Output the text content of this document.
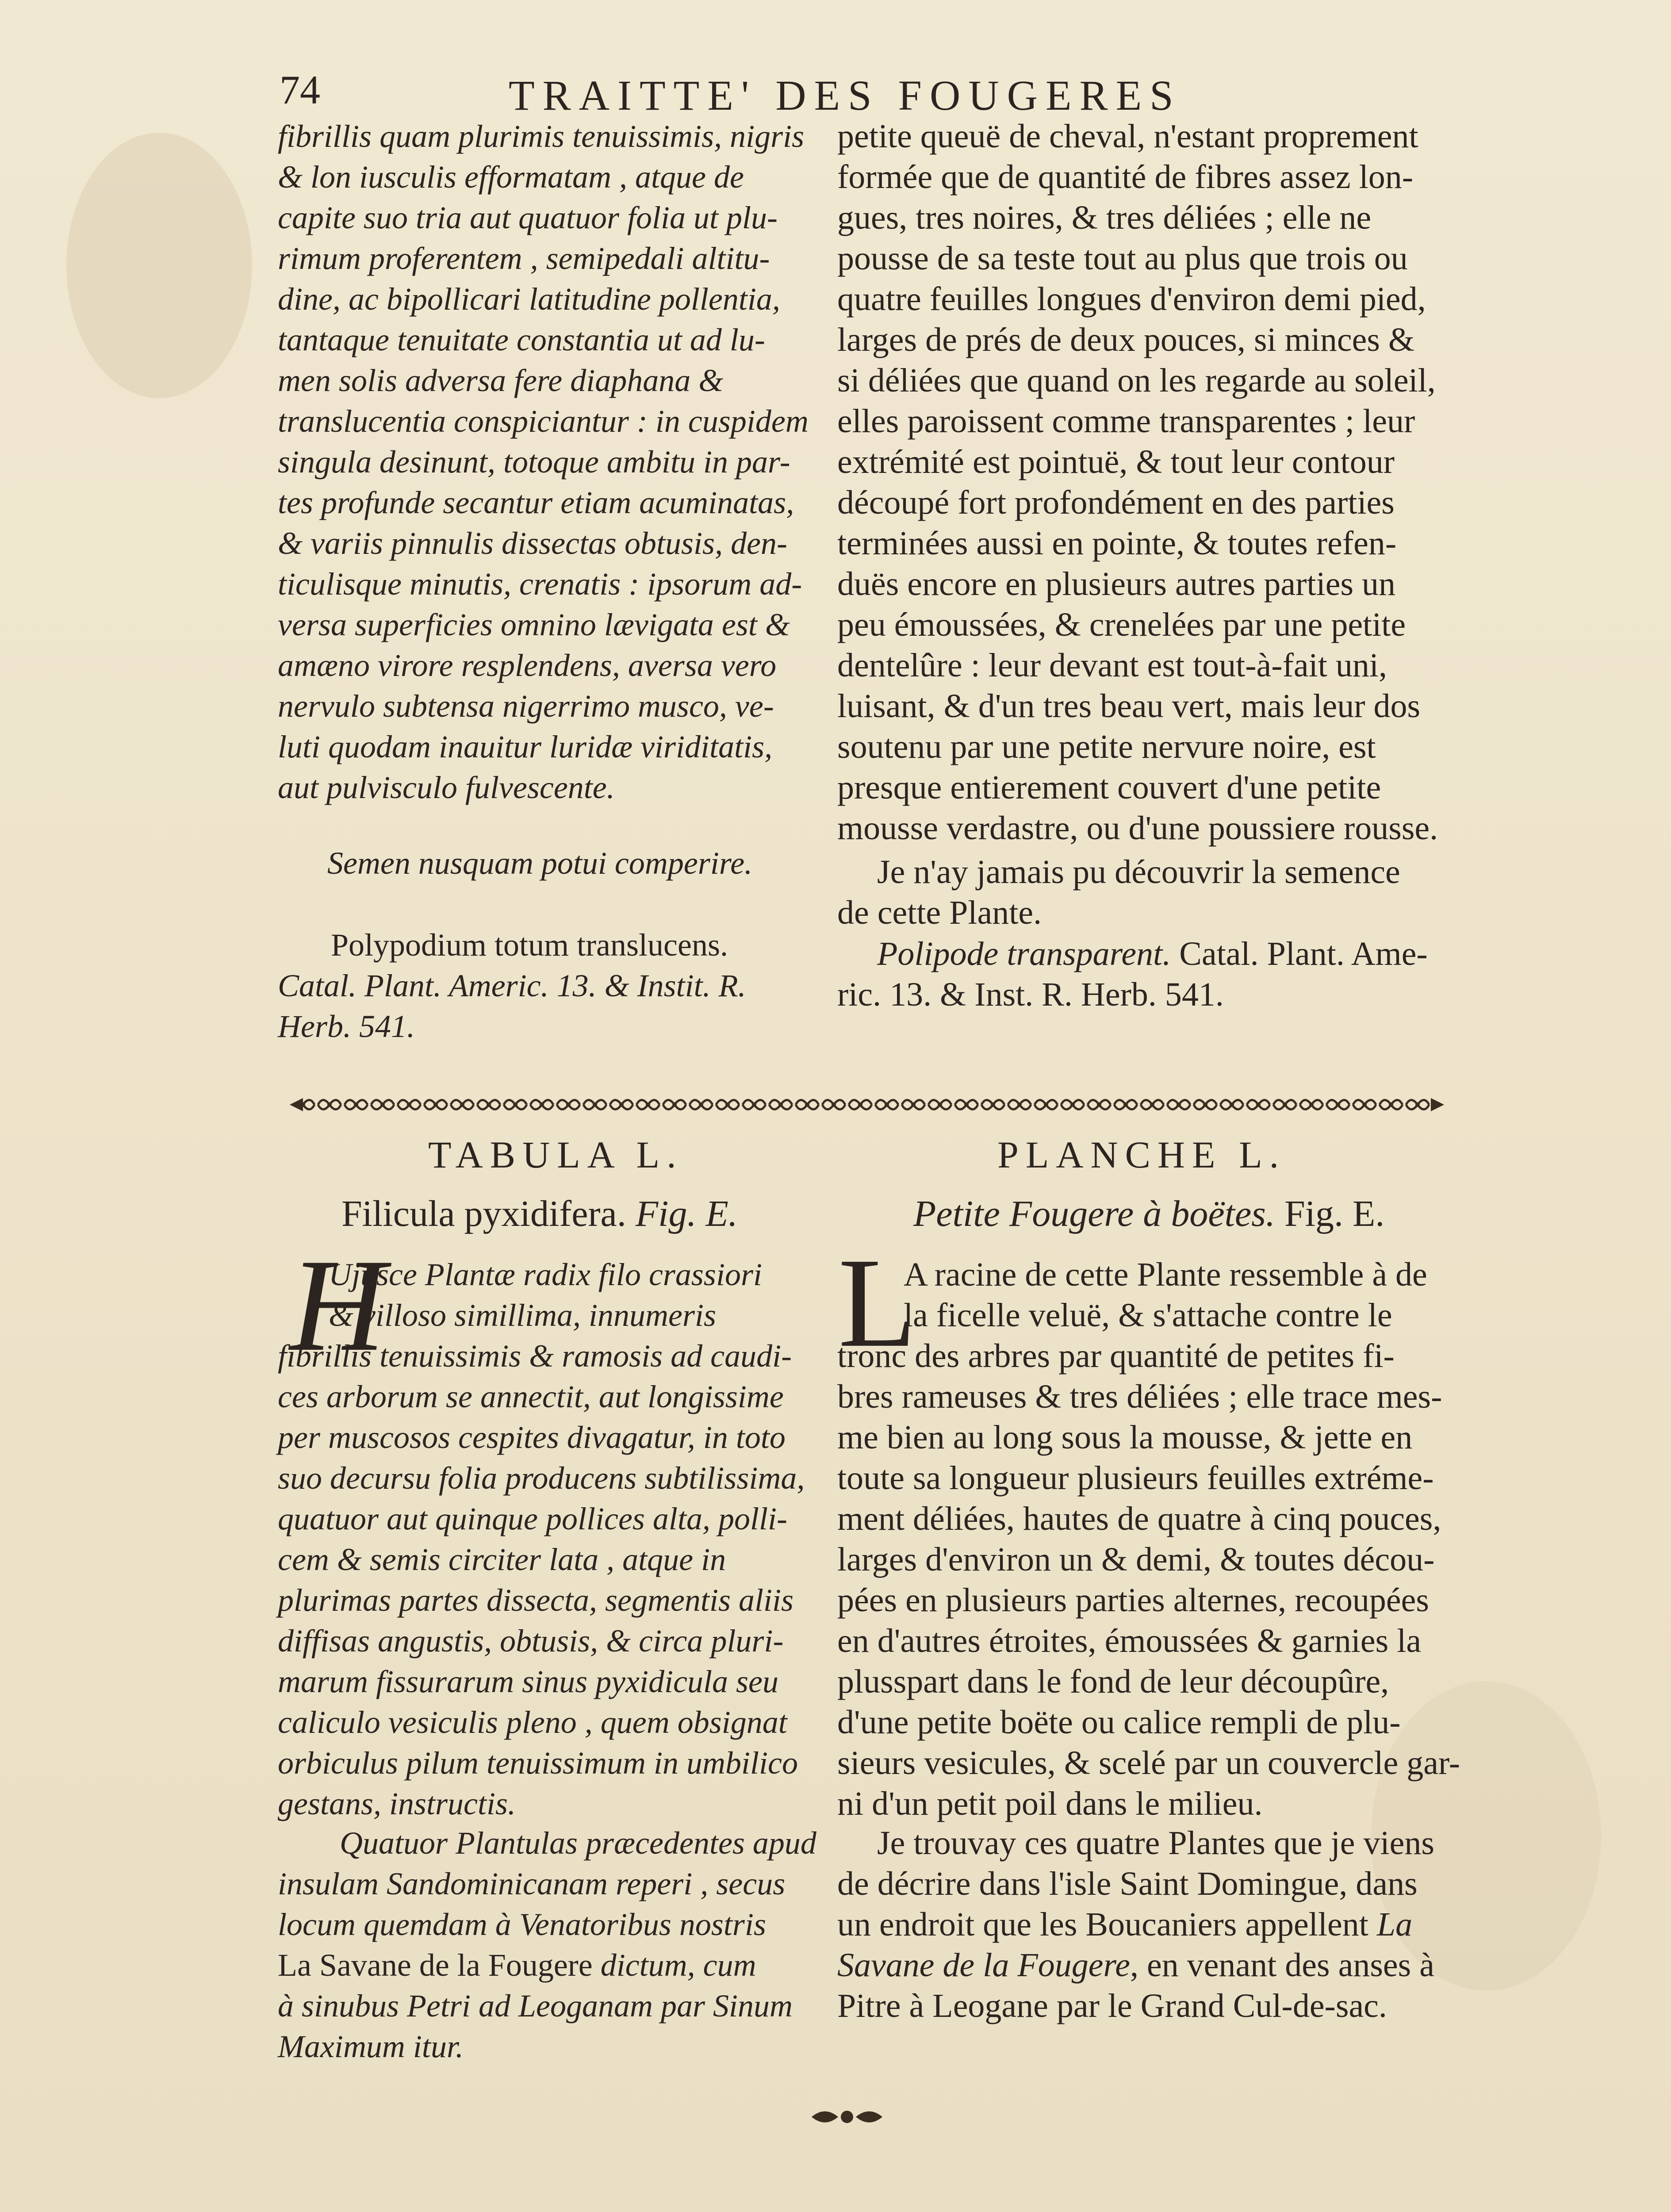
74	TRAITTE' DES FOUGERES
fibrillis quam plurimis tenuissimis, nigris
& lon iusculis efformatam , atque de
capite suo tria aut quatuor folia ut plu-
rimum proferentem , semipedali altitu-
dine, ac bipollicari latitudine pollentia,
tantaque tenuitate constantia ut ad lu-
men solis adversa fere diaphana &
translucentia conspiciantur : in cuspidem
singula desinunt, totoque ambitu in par-
tes profunde secantur etiam acuminatas,
& variis pinnulis dissectas obtusis, den-
ticulisque minutis, crenatis : ipsorum ad-
versa superficies omnino lævigata est &
amæno virore resplendens, aversa vero
nervulo subtensa nigerrimo musco, ve-
luti quodam inauitur luridæ viriditatis,
aut pulvisculo fulvescente.
Semen nusquam potui comperire.
Polypodium totum translucens.
Catal. Plant. Americ. 13. & Instit. R.
Herb. 541.
petite queuë de cheval, n'estant proprement
formée que de quantité de fibres assez lon-
gues, tres noires, & tres déliées ; elle ne
pousse de sa teste tout au plus que trois ou
quatre feuilles longues d'environ demi pied,
larges de prés de deux pouces, si minces &
si déliées que quand on les regarde au soleil,
elles paroissent comme transparentes ; leur
extrémité est pointuë, & tout leur contour
découpé fort profondément en des parties
terminées aussi en pointe, & toutes refen-
duës encore en plusieurs autres parties un
peu émoussées, & crenelées par une petite
dentelûre : leur devant est tout-à-fait uni,
luisant, & d'un tres beau vert, mais leur dos
soutenu par une petite nervure noire, est
presque entierement couvert d'une petite
mousse verdastre, ou d'une poussiere rousse.
Je n'ay jamais pu découvrir la semence
de cette Plante.
Polipode transparent. Catal. Plant. Ame-
ric. 13. & Inst. R. Herb. 541.
TABULA L.
Filicula pyxidifera. Fig. E.
H
Ujusce Plantæ radix filo crassiori
& villoso simillima, innumeris
fibrillis tenuissimis & ramosis ad caudi-
ces arborum se annectit, aut longissime
per muscosos cespites divagatur, in toto
suo decursu folia producens subtilissima,
quatuor aut quinque pollices alta, polli-
cem & semis circiter lata , atque in
plurimas partes dissecta, segmentis aliis
diffisas angustis, obtusis, & circa pluri-
marum fissurarum sinus pyxidicula seu
caliculo vesiculis pleno , quem obsignat
orbiculus pilum tenuissimum in umbilico
gestans, instructis.
Quatuor Plantulas præcedentes apud
insulam Sandominicanam reperi , secus
locum quemdam à Venatoribus nostris
La Savane de la Fougere dictum, cum
à sinubus Petri ad Leoganam par Sinum
Maximum itur.
PLANCHE L.
Petite Fougere à boëtes. Fig. E.
L
A racine de cette Plante ressemble à de
la ficelle veluë, & s'attache contre le
tronc des arbres par quantité de petites fi-
bres rameuses & tres déliées ; elle trace mes-
me bien au long sous la mousse, & jette en
toute sa longueur plusieurs feuilles extréme-
ment déliées, hautes de quatre à cinq pouces,
larges d'environ un & demi, & toutes décou-
pées en plusieurs parties alternes, recoupées
en d'autres étroites, émoussées & garnies la
plusspart dans le fond de leur découpûre,
d'une petite boëte ou calice rempli de plu-
sieurs vesicules, & scelé par un couvercle gar-
ni d'un petit poil dans le milieu.
Je trouvay ces quatre Plantes que je viens
de décrire dans l'isle Saint Domingue, dans
un endroit que les Boucaniers appellent La
Savane de la Fougere, en venant des anses à
Pitre à Leogane par le Grand Cul-de-sac.
